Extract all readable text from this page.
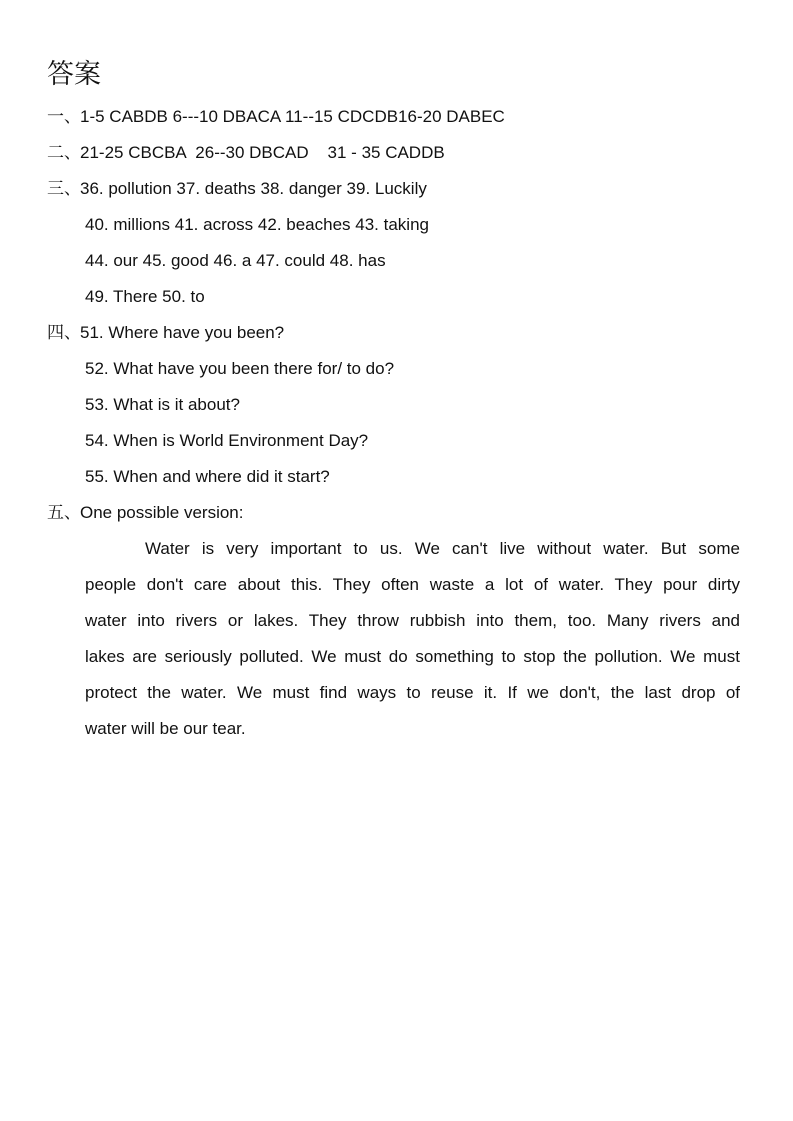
答案
一、1-5 CABDB 6---10 DBACA 11--15 CDCDB16-20 DABEC
二、21-25 CBCBA  26--30 DBCAD    31 - 35 CADDB
三、36. pollution 37. deaths 38. danger 39. Luckily
40. millions 41. across 42. beaches 43. taking
44. our 45. good 46. a 47. could 48. has
49. There 50. to
四、51. Where have you been?
52. What have you been there for/ to do?
53. What is it about?
54. When is World Environment Day?
55. When and where did it start?
五、One possible version:
Water is very important to us. We can't live without water. But some
people don't care about this. They often waste a lot of water. They pour dirty
water into rivers or lakes. They throw rubbish into them, too. Many rivers and
lakes are seriously polluted. We must do something to stop the pollution. We must
protect the water. We must find ways to reuse it. If we don't, the last drop of
water will be our tear.
